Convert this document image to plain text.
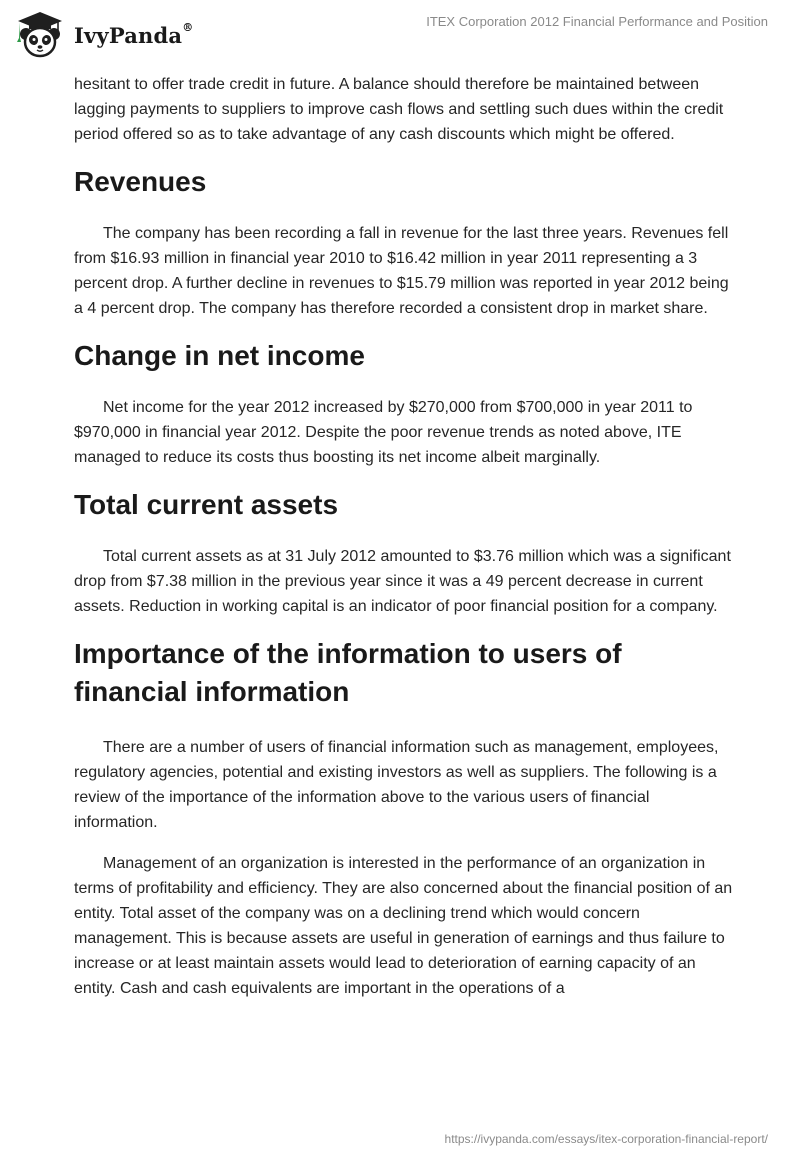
IvyPanda®	ITEX Corporation 2012 Financial Performance and Position

hesitant to offer trade credit in future. A balance should therefore be maintained between lagging payments to suppliers to improve cash flows and settling such dues within the credit period offered so as to take advantage of any cash discounts which might be offered.

Revenues

The company has been recording a fall in revenue for the last three years. Revenues fell from $16.93 million in financial year 2010 to $16.42 million in year 2011 representing a 3 percent drop. A further decline in revenues to $15.79 million was reported in year 2012 being a 4 percent drop. The company has therefore recorded a consistent drop in market share.

Change in net income

Net income for the year 2012 increased by $270,000 from $700,000 in year 2011 to $970,000 in financial year 2012. Despite the poor revenue trends as noted above, ITE managed to reduce its costs thus boosting its net income albeit marginally.

Total current assets

Total current assets as at 31 July 2012 amounted to $3.76 million which was a significant drop from $7.38 million in the previous year since it was a 49 percent decrease in current assets. Reduction in working capital is an indicator of poor financial position for a company.

Importance of the information to users of financial information

There are a number of users of financial information such as management, employees, regulatory agencies, potential and existing investors as well as suppliers. The following is a review of the importance of the information above to the various users of financial information.

Management of an organization is interested in the performance of an organization in terms of profitability and efficiency. They are also concerned about the financial position of an entity. Total asset of the company was on a declining trend which would concern management. This is because assets are useful in generation of earnings and thus failure to increase or at least maintain assets would lead to deterioration of earning capacity of an entity. Cash and cash equivalents are important in the operations of a

https://ivypanda.com/essays/itex-corporation-financial-report/
